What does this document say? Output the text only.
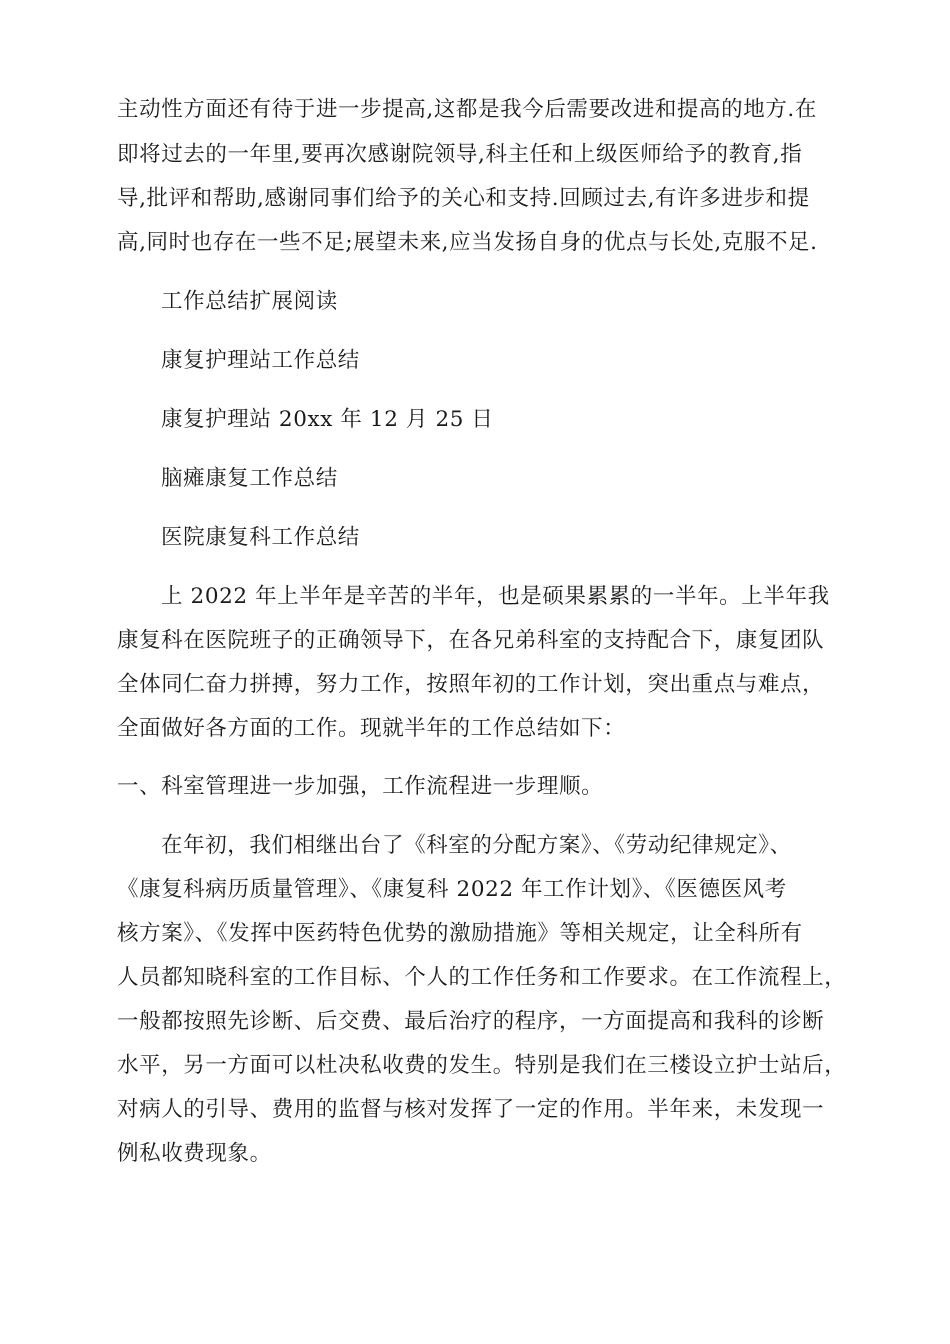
主动性方面还有待于进一步提高,这都是我今后需要改进和提高的地方.在
即将过去的一年里,要再次感谢院领导,科主任和上级医师给予的教育,指
导,批评和帮助,感谢同事们给予的关心和支持.回顾过去,有许多进步和提
高,同时也存在一些不足;展望未来,应当发扬自身的优点与长处,克服不足.
工作总结扩展阅读
康复护理站工作总结
康复护理站 20xx 年 12 月 25 日
脑瘫康复工作总结
医院康复科工作总结
上 2022 年上半年是辛苦的半年，也是硕果累累的一半年。上半年我
康复科在医院班子的正确领导下，在各兄弟科室的支持配合下，康复团队
全体同仁奋力拼搏，努力工作，按照年初的工作计划，突出重点与难点，
全面做好各方面的工作。现就半年的工作总结如下：
一、科室管理进一步加强，工作流程进一步理顺。
在年初，我们相继出台了《科室的分配方案》、《劳动纪律规定》、
《康复科病历质量管理》、《康复科 2022 年工作计划》、《医德医风考
核方案》、《发挥中医药特色优势的激励措施》等相关规定，让全科所有
人员都知晓科室的工作目标、个人的工作任务和工作要求。在工作流程上，
一般都按照先诊断、后交费、最后治疗的程序，一方面提高和我科的诊断
水平，另一方面可以杜决私收费的发生。特别是我们在三楼设立护士站后，
对病人的引导、费用的监督与核对发挥了一定的作用。半年来，未发现一
例私收费现象。
